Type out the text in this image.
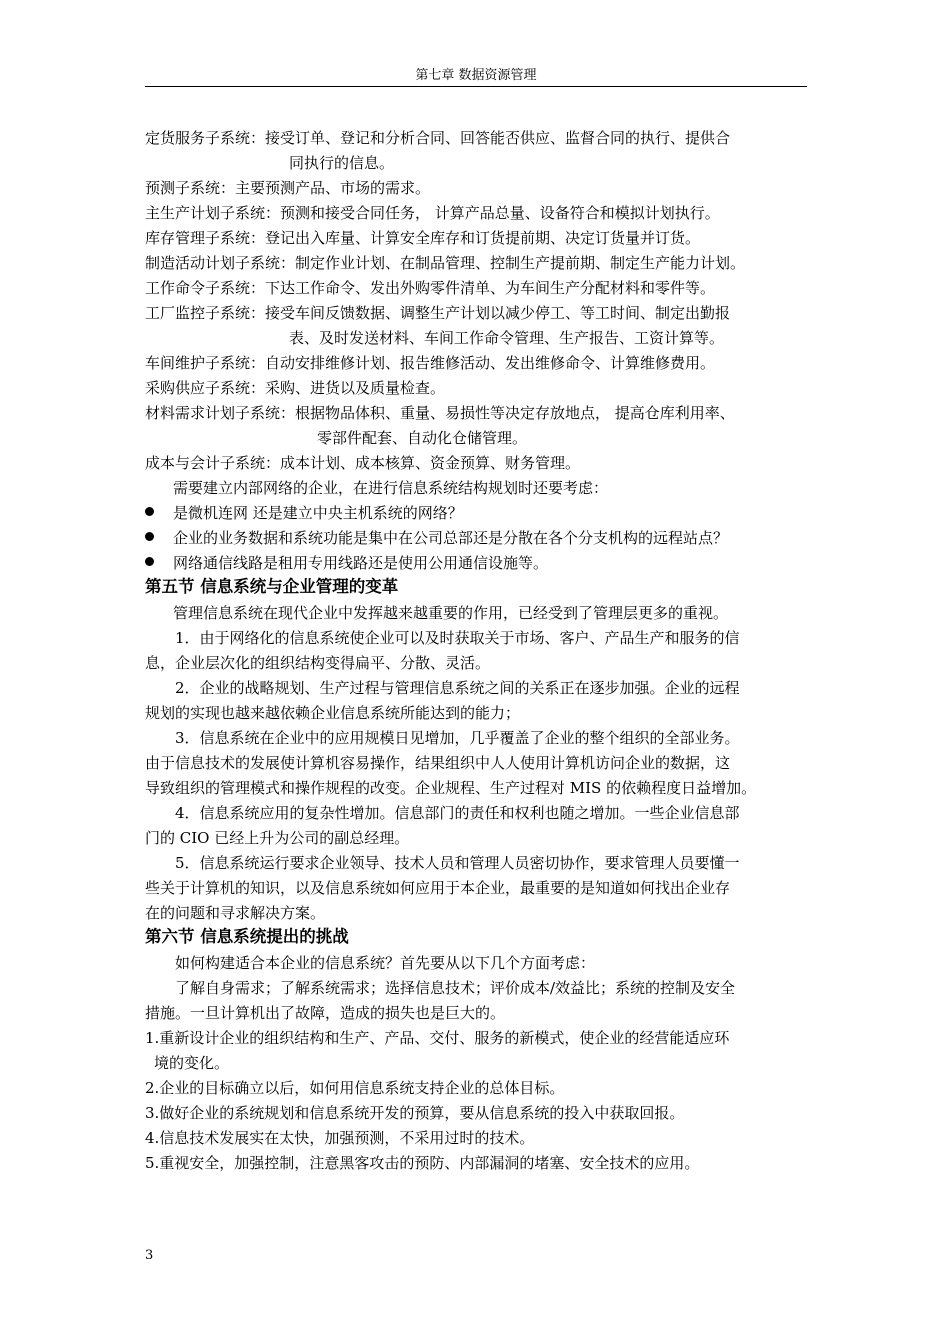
第七章 数据资源管理
定货服务子系统：接受订单、登记和分析合同、回答能否供应、监督合同的执行、提供合
同执行的信息。
预测子系统：主要预测产品、市场的需求。
主生产计划子系统：预测和接受合同任务， 计算产品总量、设备符合和模拟计划执行。
库存管理子系统：登记出入库量、计算安全库存和订货提前期、决定订货量并订货。
制造活动计划子系统：制定作业计划、在制品管理、控制生产提前期、制定生产能力计划。
工作命令子系统：下达工作命令、发出外购零件清单、为车间生产分配材料和零件等。
工厂监控子系统：接受车间反馈数据、调整生产计划以减少停工、等工时间、制定出勤报
表、及时发送材料、车间工作命令管理、生产报告、工资计算等。
车间维护子系统：自动安排维修计划、报告维修活动、发出维修命令、计算维修费用。
采购供应子系统：采购、进货以及质量检查。
材料需求计划子系统：根据物品体积、重量、易损性等决定存放地点， 提高仓库利用率、
零部件配套、自动化仓储管理。
成本与会计子系统：成本计划、成本核算、资金预算、财务管理。
需要建立内部网络的企业，在进行信息系统结构规划时还要考虑：
是微机连网 还是建立中央主机系统的网络？
企业的业务数据和系统功能是集中在公司总部还是分散在各个分支机构的远程站点？
网络通信线路是租用专用线路还是使用公用通信设施等。
第五节 信息系统与企业管理的变革
管理信息系统在现代企业中发挥越来越重要的作用，已经受到了管理层更多的重视。
1．由于网络化的信息系统使企业可以及时获取关于市场、客户、产品生产和服务的信
息，企业层次化的组织结构变得扁平、分散、灵活。
2．企业的战略规划、生产过程与管理信息系统之间的关系正在逐步加强。企业的远程
规划的实现也越来越依赖企业信息系统所能达到的能力；
3．信息系统在企业中的应用规模日见增加，几乎覆盖了企业的整个组织的全部业务。
由于信息技术的发展使计算机容易操作，结果组织中人人使用计算机访问企业的数据，这
导致组织的管理模式和操作规程的改变。企业规程、生产过程对 MIS 的依赖程度日益增加。
4．信息系统应用的复杂性增加。信息部门的责任和权利也随之增加。一些企业信息部
门的 CIO 已经上升为公司的副总经理。
5．信息系统运行要求企业领导、技术人员和管理人员密切协作，要求管理人员要懂一
些关于计算机的知识，以及信息系统如何应用于本企业，最重要的是知道如何找出企业存
在的问题和寻求解决方案。
第六节 信息系统提出的挑战
如何构建适合本企业的信息系统？首先要从以下几个方面考虑：
了解自身需求；了解系统需求；选择信息技术；评价成本/效益比；系统的控制及安全
措施。一旦计算机出了故障，造成的损失也是巨大的。
1.重新设计企业的组织结构和生产、产品、交付、服务的新模式，使企业的经营能适应环
境的变化。
2.企业的目标确立以后，如何用信息系统支持企业的总体目标。
3.做好企业的系统规划和信息系统开发的预算，要从信息系统的投入中获取回报。
4.信息技术发展实在太快，加强预测，不采用过时的技术。
5.重视安全，加强控制，注意黑客攻击的预防、内部漏洞的堵塞、安全技术的应用。
3
